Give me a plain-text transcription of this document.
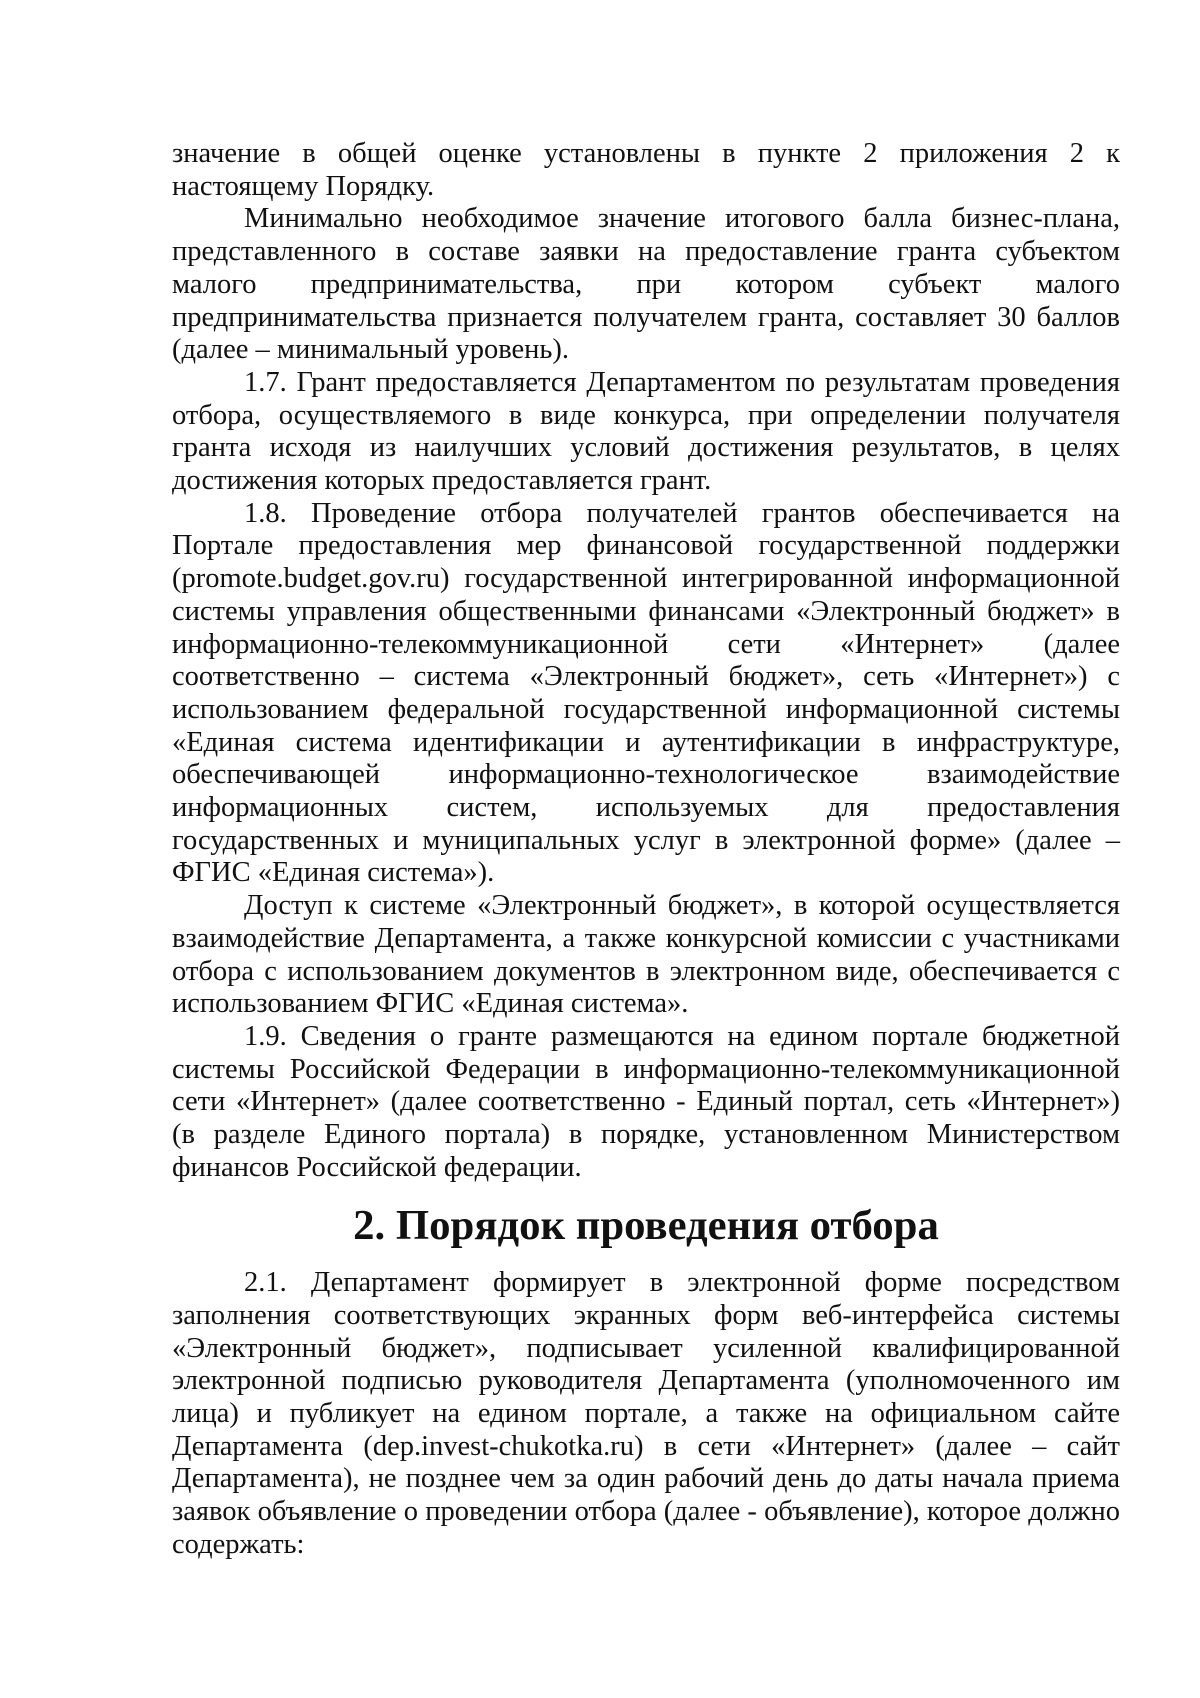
значение в общей оценке установлены в пункте 2 приложения 2 к настоящему Порядку.

Минимально необходимое значение итогового балла бизнес-плана, представленного в составе заявки на предоставление гранта субъектом малого предпринимательства, при котором субъект малого предпринимательства признается получателем гранта, составляет 30 баллов (далее – минимальный уровень).

1.7. Грант предоставляется Департаментом по результатам проведения отбора, осуществляемого в виде конкурса, при определении получателя гранта исходя из наилучших условий достижения результатов, в целях достижения которых предоставляется грант.

1.8. Проведение отбора получателей грантов обеспечивается на Портале предоставления мер финансовой государственной поддержки (promote.budget.gov.ru) государственной интегрированной информационной системы управления общественными финансами «Электронный бюджет» в информационно-телекоммуникационной сети «Интернет» (далее соответственно – система «Электронный бюджет», сеть «Интернет») с использованием федеральной государственной информационной системы «Единая система идентификации и аутентификации в инфраструктуре, обеспечивающей информационно-технологическое взаимодействие информационных систем, используемых для предоставления государственных и муниципальных услуг в электронной форме» (далее – ФГИС «Единая система»).

Доступ к системе «Электронный бюджет», в которой осуществляется взаимодействие Департамента, а также конкурсной комиссии с участниками отбора с использованием документов в электронном виде, обеспечивается с использованием ФГИС «Единая система».

1.9. Сведения о гранте размещаются на едином портале бюджетной системы Российской Федерации в информационно-телекоммуникационной сети «Интернет» (далее соответственно - Единый портал, сеть «Интернет») (в разделе Единого портала) в порядке, установленном Министерством финансов Российской федерации.

2. Порядок проведения отбора

2.1. Департамент формирует в электронной форме посредством заполнения соответствующих экранных форм веб-интерфейса системы «Электронный бюджет», подписывает усиленной квалифицированной электронной подписью руководителя Департамента (уполномоченного им лица) и публикует на едином портале, а также на официальном сайте Департамента (dep.invest-chukotka.ru) в сети «Интернет» (далее – сайт Департамента), не позднее чем за один рабочий день до даты начала приема заявок объявление о проведении отбора (далее - объявление), которое должно содержать:
